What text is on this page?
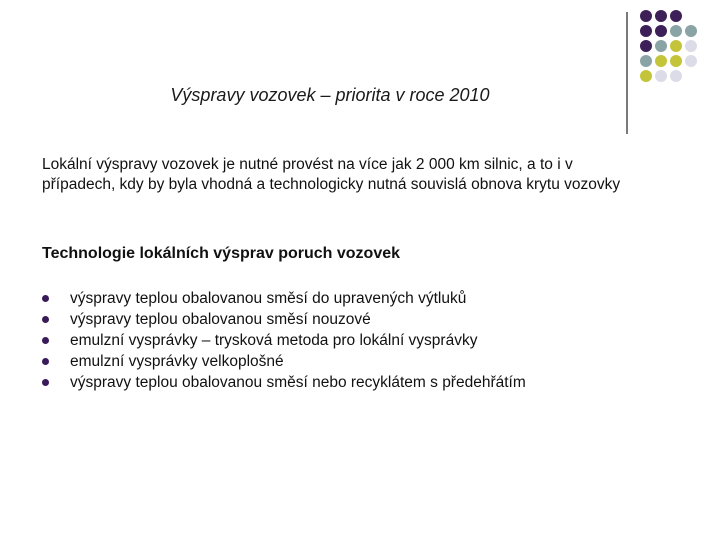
Výspravy vozovek – priorita v roce 2010
Lokální výspravy vozovek je nutné provést na více jak 2 000 km silnic, a to i v případech, kdy by byla vhodná a technologicky nutná souvislá obnova krytu vozovky
Technologie lokálních výsprav poruch vozovek
výspravy teplou obalovanou směsí do upravených výtluků
výspravy teplou obalovanou směsí nouzové
emulzní vysprávky – trysková metoda pro lokální vysprávky
emulzní vysprávky velkoplošné
výspravy teplou obalovanou směsí nebo recyklátem s předehřátím
